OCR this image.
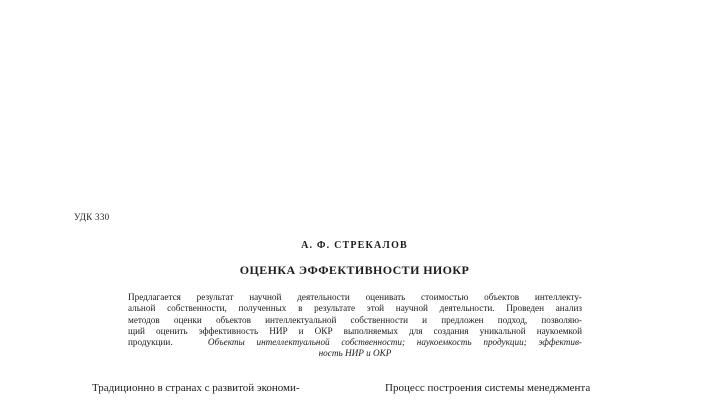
УДК 330
А. Ф. СТРЕКАЛОВ
ОЦЕНКА ЭФФЕКТИВНОСТИ НИОКР
Предлагается результат научной деятельности оценивать стоимостью объектов интеллекту-
альной собственности, полученных в результате этой научной деятельности. Проведен анализ
методов оценки объектов интеллектуальной собственности и предложен подход, позволяю-
щий оценить эффективность НИР и ОКР выполняемых для создания уникальной наукоемкой
продукции.	Объекты интеллектуальной собственности; наукоемкость продукции; эффектив-
ность НИР и ОКР
Традиционно в странах с развитой экономи-	Процесс построения системы менеджмента
